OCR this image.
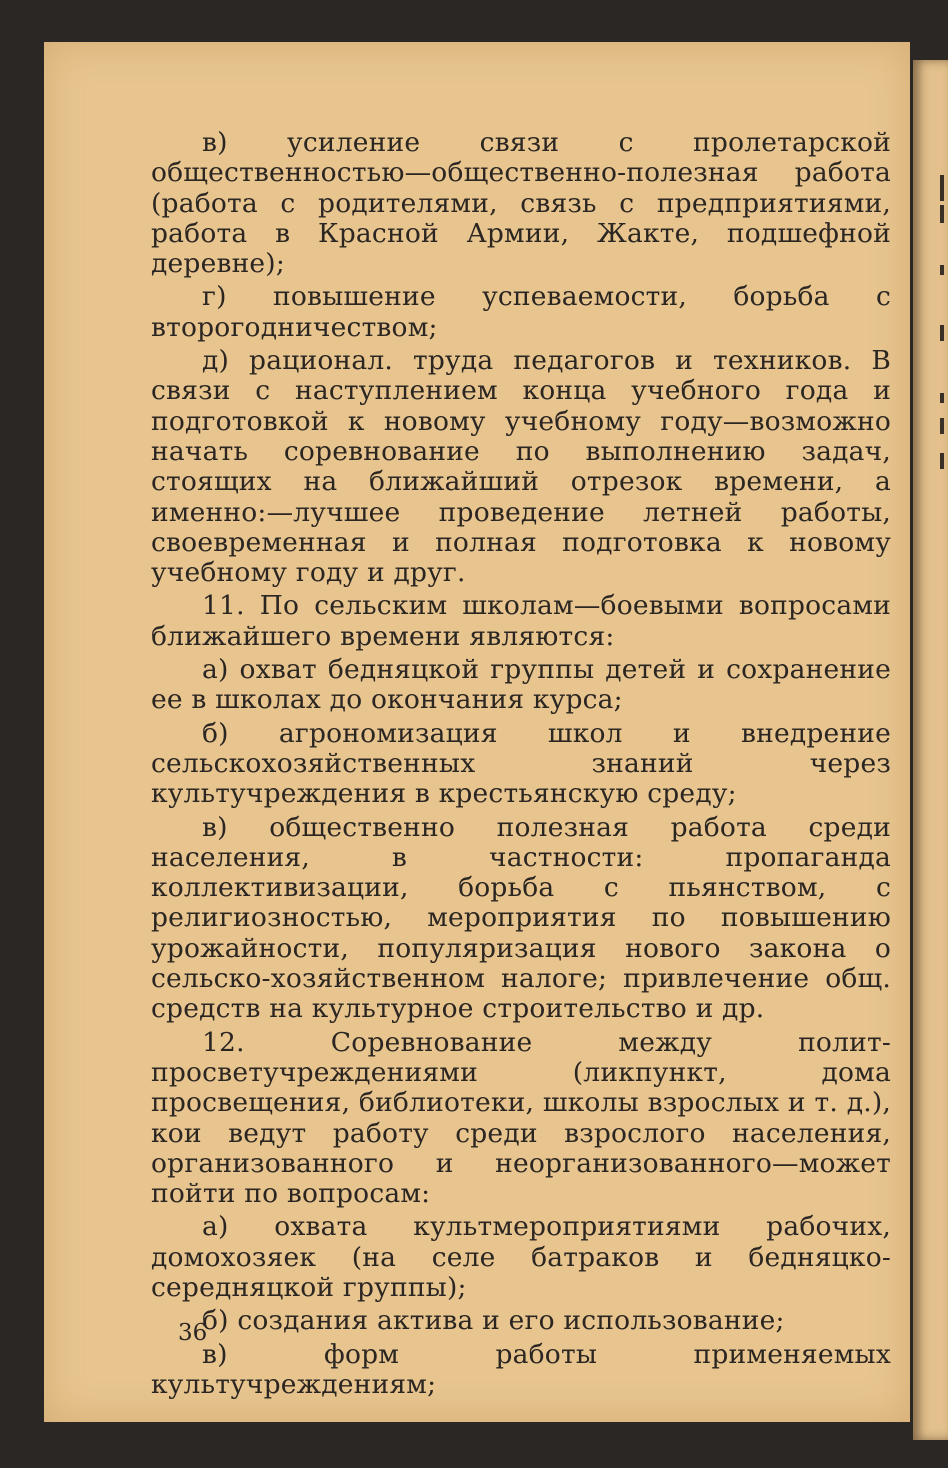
в) усиление связи с пролетарской общественностью—общественно-полезная работа (работа с родителями, связь с предприятиями, работа в Красной Армии, Жакте, подшефной деревне);

г) повышение успеваемости, борьба с второгодничеством;

д) рационал. труда педагогов и техников. В связи с наступлением конца учебного года и подготовкой к новому учебному году—возможно начать соревнование по выполнению задач, стоящих на ближайший отрезок времени, а именно:—лучшее проведение летней работы, своевременная и полная подготовка к новому учебному году и друг.

11. По сельским школам—боевыми вопросами ближайшего времени являются:

а) охват бедняцкой группы детей и сохранение ее в школах до окончания курса;

б) агрономизация школ и внедрение сельскохозяйственных знаний через культучреждения в крестьянскую среду;

в) общественно полезная работа среди населения, в частности: пропаганда коллективизации, борьба с пьянством, с религиозностью, мероприятия по повышению урожайности, популяризация нового закона о сельско-хозяйственном налоге; привлечение общ. средств на культурное строительство и др.

12. Соревнование между полит-просветучреждениями (ликпункт, дома просвещения, библиотеки, школы взрослых и т. д.), кои ведут работу среди взрослого населения, организованного и неорганизованного—может пойти по вопросам:

а) охвата культмероприятиями рабочих, домохозяек (на селе батраков и бедняцко-середняцкой группы);

б) создания актива и его использование;

в) форм работы применяемых культучреждениям;

36
